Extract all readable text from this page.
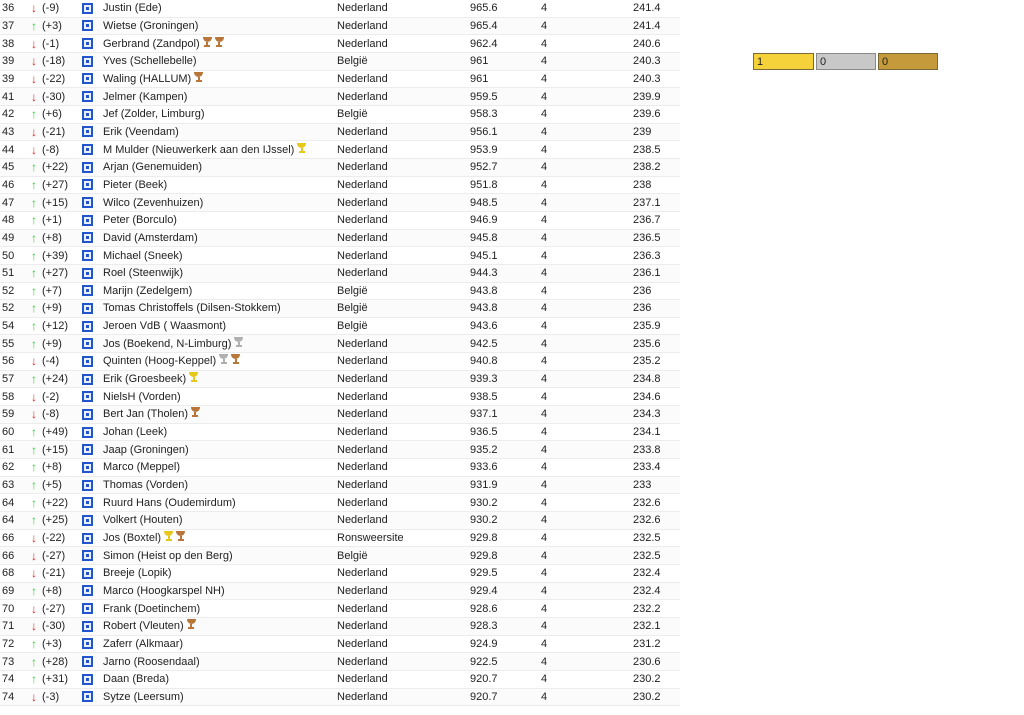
36	↓ (-9)	Justin (Ede)	Nederland	965.6	4	241.4
37	↑ (+3)	Wietse (Groningen)	Nederland	965.4	4	241.4
38	↓ (-1)	Gerbrand (Zandpol)	Nederland	962.4	4	240.6
39	↓ (-18)	Yves (Schellebelle)	België	961	4	240.3
39	↓ (-22)	Waling (HALLUM)	Nederland	961	4	240.3
41	↓ (-30)	Jelmer (Kampen)	Nederland	959.5	4	239.9
42	↑ (+6)	Jef (Zolder, Limburg)	België	958.3	4	239.6
43	↓ (-21)	Erik (Veendam)	Nederland	956.1	4	239
44	↓ (-8)	M Mulder (Nieuwerkerk aan den IJssel)	Nederland	953.9	4	238.5
45	↑ (+22)	Arjan (Genemuiden)	Nederland	952.7	4	238.2
46	↑ (+27)	Pieter (Beek)	Nederland	951.8	4	238
47	↑ (+15)	Wilco (Zevenhuizen)	Nederland	948.5	4	237.1
48	↑ (+1)	Peter (Borculo)	Nederland	946.9	4	236.7
49	↑ (+8)	David (Amsterdam)	Nederland	945.8	4	236.5
50	↑ (+39)	Michael (Sneek)	Nederland	945.1	4	236.3
51	↑ (+27)	Roel (Steenwijk)	Nederland	944.3	4	236.1
52	↑ (+7)	Marijn (Zedelgem)	België	943.8	4	236
52	↑ (+9)	Tomas Christoffels (Dilsen-Stokkem)	België	943.8	4	236
54	↑ (+12)	Jeroen VdB ( Waasmont)	België	943.6	4	235.9
55	↑ (+9)	Jos (Boekend, N-Limburg)	Nederland	942.5	4	235.6
56	↓ (-4)	Quinten (Hoog-Keppel)	Nederland	940.8	4	235.2
57	↑ (+24)	Erik (Groesbeek)	Nederland	939.3	4	234.8
58	↓ (-2)	NielsH (Vorden)	Nederland	938.5	4	234.6
59	↓ (-8)	Bert Jan (Tholen)	Nederland	937.1	4	234.3
60	↑ (+49)	Johan (Leek)	Nederland	936.5	4	234.1
61	↑ (+15)	Jaap (Groningen)	Nederland	935.2	4	233.8
62	↑ (+8)	Marco (Meppel)	Nederland	933.6	4	233.4
63	↑ (+5)	Thomas (Vorden)	Nederland	931.9	4	233
64	↑ (+22)	Ruurd Hans (Oudemirdum)	Nederland	930.2	4	232.6
64	↑ (+25)	Volkert (Houten)	Nederland	930.2	4	232.6
66	↓ (-22)	Jos (Boxtel)	Ronsweersite	929.8	4	232.5
66	↓ (-27)	Simon (Heist op den Berg)	België	929.8	4	232.5
68	↓ (-21)	Breeje (Lopik)	Nederland	929.5	4	232.4
69	↑ (+8)	Marco (Hoogkarspel NH)	Nederland	929.4	4	232.4
70	↓ (-27)	Frank (Doetinchem)	Nederland	928.6	4	232.2
71	↓ (-30)	Robert (Vleuten)	Nederland	928.3	4	232.1
72	↑ (+3)	Zaferr (Alkmaar)	Nederland	924.9	4	231.2
73	↑ (+28)	Jarno (Roosendaal)	Nederland	922.5	4	230.6
74	↑ (+31)	Daan (Breda)	Nederland	920.7	4	230.2
74	↓ (-3)	Sytze (Leersum)	Nederland	920.7	4	230.2
1	0	0
